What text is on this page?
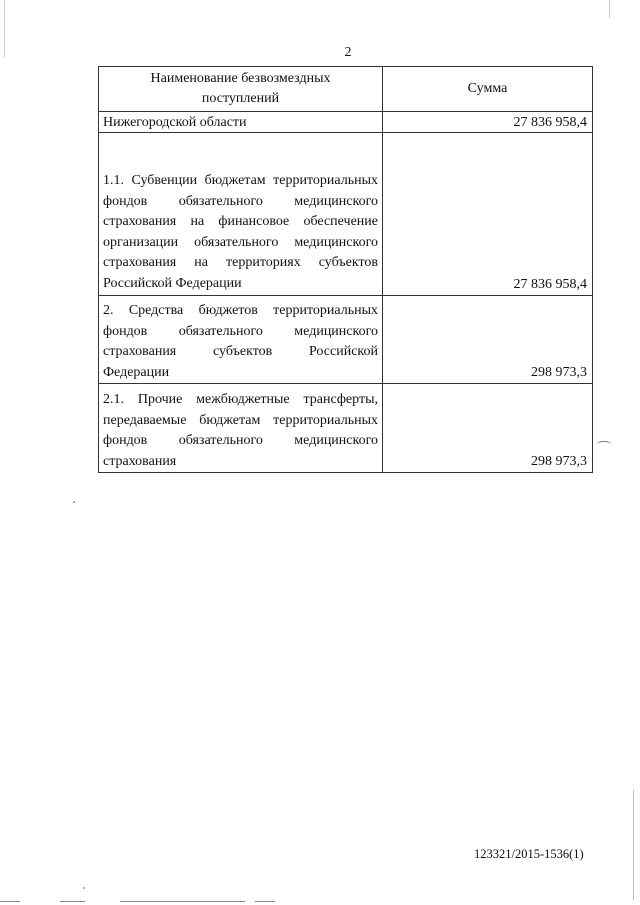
2
Наименование безвозмездных поступлений	Сумма
Нижегородской области	27 836 958,4

1.1. Субвенции бюджетам территориальных фондов обязательного медицинского страхования на финансовое обеспечение организации обязательного медицинского страхования на территориях субъектов Российской Федерации	27 836 958,4

2. Средства бюджетов территориальных фондов обязательного медицинского страхования субъектов Российской Федерации	298 973,3

2.1. Прочие межбюджетные трансферты, передаваемые бюджетам территориальных фондов обязательного медицинского страхования	298 973,3
123321/2015-1536(1)
